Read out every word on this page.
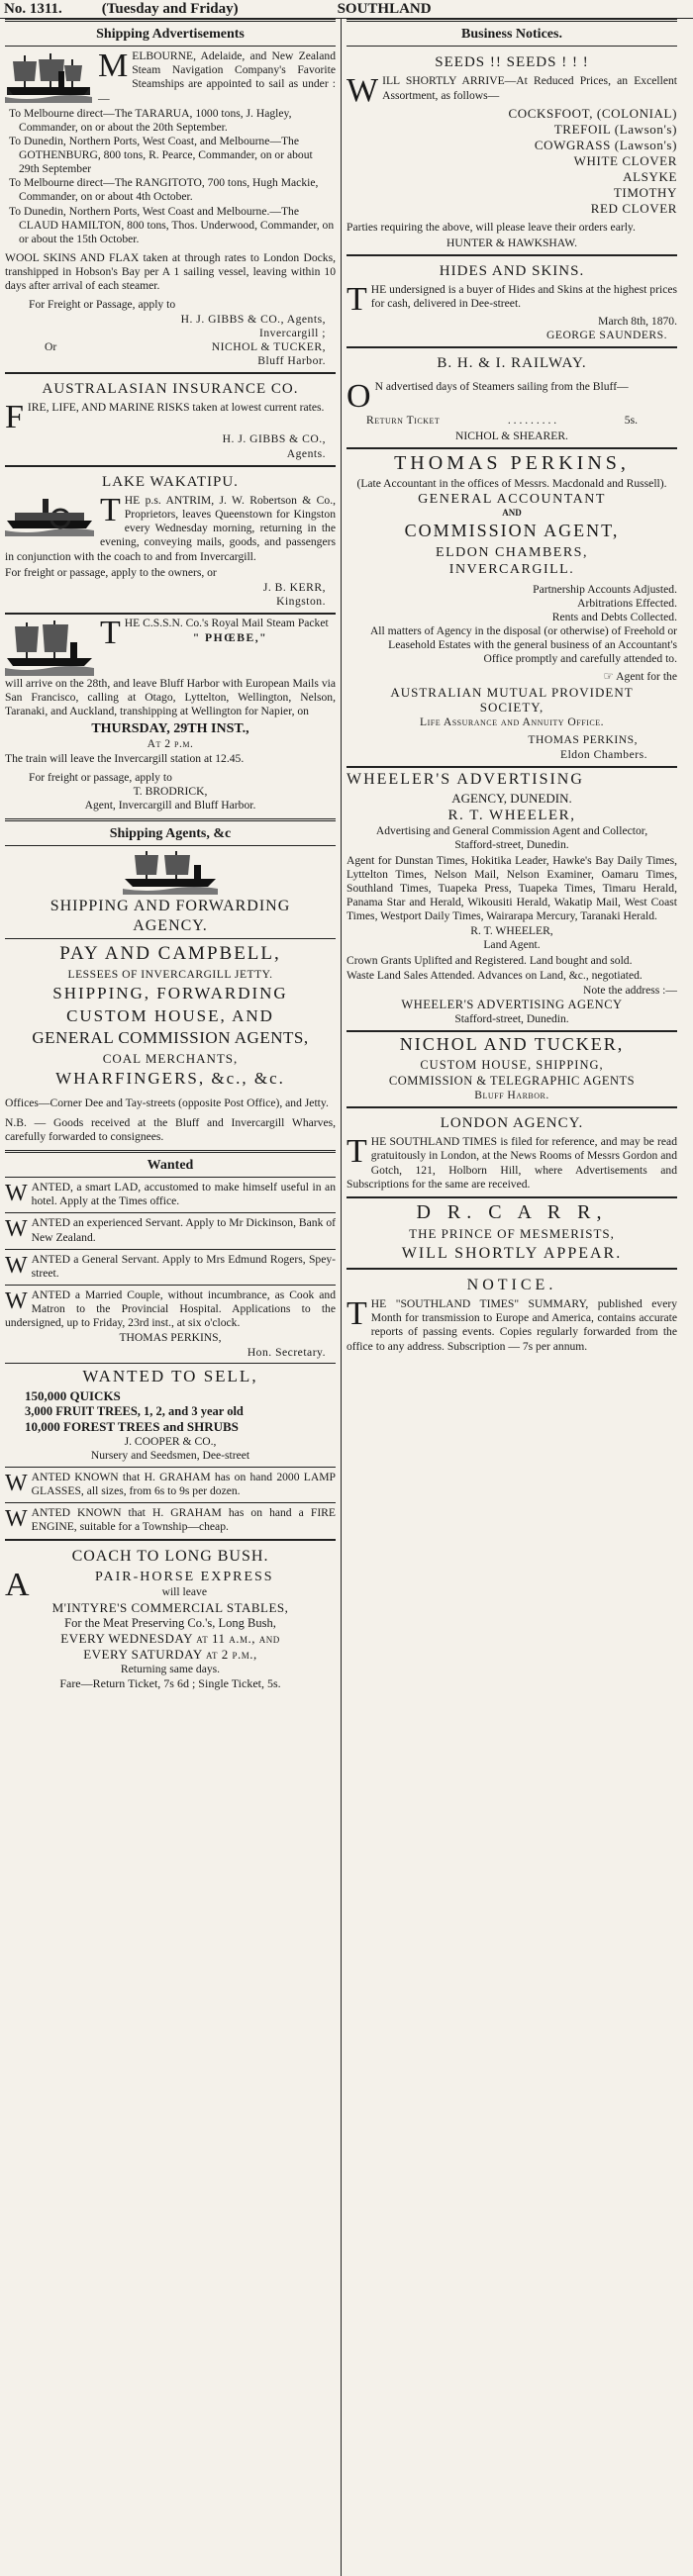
No. 1311.	(Tuesday and Friday)	SOUTHLAND
Shipping Advertisements
MELBOURNE, Adelaide, and New Zealand Steam Navigation Company's Favorite Steamships are appointed to sail as under :—
To Melbourne direct—The TARARUA, 1000 tons, J. Hagley, Commander, on or about the 20th September.
To Dunedin, Northern Ports, West Coast, and Melbourne—The GOTHENBURG, 800 tons, R. Pearce, Commander, on or about 29th September
To Melbourne direct—The RANGITOTO, 700 tons, Hugh Mackie, Commander, on or about 4th October.
To Dunedin, Northern Ports, West Coast and Melbourne.—The CLAUD HAMILTON, 800 tons, Thos. Underwood, Commander, on or about the 15th October.
WOOL SKINS AND FLAX taken at through rates to London Docks, transhipped in Hobson's Bay per A 1 sailing vessel, leaving within 10 days after arrival of each steamer.
For Freight or Passage, apply to
H. J. GIBBS & CO., Agents,
Invercargill ;
Or	NICHOL & TUCKER,
Bluff Harbor.
AUSTRALASIAN INSURANCE CO.
FIRE, LIFE, AND MARINE RISKS taken at lowest current rates.
H. J. GIBBS & CO.,
Agents.
LAKE WAKATIPU.
THE p.s. ANTRIM, J. W. Robertson & Co., Proprietors, leaves Queenstown for Kingston every Wednesday morning, returning in the evening, conveying mails, goods, and passengers in conjunction with the coach to and from Invercargill.
For freight or passage, apply to the owners, or
J. B. KERR,
Kingston.
THE C.S.S.N. Co.'s Royal Mail Steam Packet
" PHŒBE,"
will arrive on the 28th, and leave Bluff Harbor with European Mails via San Francisco, calling at Otago, Lyttelton, Wellington, Nelson, Taranaki, and Auckland, transhipping at Wellington for Napier, on
THURSDAY, 29TH INST.,
At 2 p.m.
The train will leave the Invercargill station at 12.45.
For freight or passage, apply to
T. BRODRICK,
Agent, Invercargill and Bluff Harbor.
Shipping Agents, &c
SHIPPING AND FORWARDING
AGENCY.
PAY AND CAMPBELL,
LESSEES OF INVERCARGILL JETTY.
SHIPPING, FORWARDING
CUSTOM HOUSE, AND
GENERAL COMMISSION AGENTS,
COAL MERCHANTS,
WHARFINGERS, &c., &c.
Offices—Corner Dee and Tay-streets (opposite Post Office), and Jetty.
N.B. — Goods received at the Bluff and Invercargill Wharves, carefully forwarded to consignees.
Wanted
WANTED, a smart LAD, accustomed to make himself useful in an hotel. Apply at the Times office.
WANTED an experienced Servant. Apply to Mr Dickinson, Bank of New Zealand.
WANTED a General Servant. Apply to Mrs Edmund Rogers, Spey-street.
WANTED a Married Couple, without incumbrance, as Cook and Matron to the Provincial Hospital. Applications to the undersigned, up to Friday, 23rd inst., at six o'clock.
THOMAS PERKINS,
Hon. Secretary.
WANTED TO SELL,
150,000 QUICKS
3,000 FRUIT TREES, 1, 2, and 3 year old
10,000 FOREST TREES and SHRUBS
J. COOPER & CO.,
Nursery and Seedsmen, Dee-street
WANTED KNOWN that H. GRAHAM has on hand 2000 LAMP GLASSES, all sizes, from 6s to 9s per dozen.
WANTED KNOWN that H. GRAHAM has on hand a FIRE ENGINE, suitable for a Township—cheap.
COACH TO LONG BUSH.
A	PAIR-HORSE EXPRESS
will leave
M'INTYRE'S COMMERCIAL STABLES,
For the Meat Preserving Co.'s, Long Bush,
EVERY WEDNESDAY at 11 a.m., and
EVERY SATURDAY at 2 p.m.,
Returning same days.
Fare—Return Ticket, 7s 6d ; Single Ticket, 5s.
Business Notices.
SEEDS !! SEEDS ! ! !
WILL SHORTLY ARRIVE—At Reduced Prices, an Excellent Assortment, as follows—
COCKSFOOT, (COLONIAL)
TREFOIL (Lawson's)
COWGRASS (Lawson's)
WHITE CLOVER
ALSYKE
TIMOTHY
RED CLOVER
Parties requiring the above, will please leave their orders early.
HUNTER & HAWKSHAW.
HIDES AND SKINS.
THE undersigned is a buyer of Hides and Skins at the highest prices for cash, delivered in Dee-street.
March 8th, 1870.
GEORGE SAUNDERS.
B. H. & I. RAILWAY.
O N advertised days of Steamers sailing from the Bluff—
Return Ticket	. . . . . . . . .	5s.
NICHOL & SHEARER.
THOMAS PERKINS,
(Late Accountant in the offices of Messrs. Macdonald and Russell).
GENERAL ACCOUNTANT
AND
COMMISSION AGENT,
ELDON CHAMBERS,
INVERCARGILL.
Partnership Accounts Adjusted.
Arbitrations Effected.
Rents and Debts Collected.
All matters of Agency in the disposal (or otherwise) of Freehold or Leasehold Estates with the general business of an Accountant's Office promptly and carefully attended to.
☞ Agent for the
AUSTRALIAN MUTUAL PROVIDENT
SOCIETY,
Life Assurance and Annuity Office.
THOMAS PERKINS,
Eldon Chambers.
WHEELER'S ADVERTISING
AGENCY, DUNEDIN.
R. T. WHEELER,
Advertising and General Commission Agent and Collector,
Stafford-street, Dunedin.
Agent for Dunstan Times, Hokitika Leader, Hawke's Bay Daily Times, Lyttelton Times, Nelson Mail, Nelson Examiner, Oamaru Times, Southland Times, Tuapeka Press, Tuapeka Times, Timaru Herald, Panama Star and Herald, Wikousiti Herald, Wakatip Mail, West Coast Times, Westport Daily Times, Wairarapa Mercury, Taranaki Herald.
R. T. WHEELER,
Land Agent.
Crown Grants Uplifted and Registered. Land bought and sold.
Waste Land Sales Attended. Advances on Land, &c., negotiated.
Note the address :—
WHEELER'S ADVERTISING AGENCY
Stafford-street, Dunedin.
NICHOL AND TUCKER,
CUSTOM HOUSE, SHIPPING,
COMMISSION & TELEGRAPHIC AGENTS
Bluff Harbor.
LONDON AGENCY.
THE SOUTHLAND TIMES is filed for reference, and may be read gratuitously in London, at the News Rooms of Messrs Gordon and Gotch, 121, Holborn Hill, where Advertisements and Subscriptions for the same are received.
D R. C A R R,
THE PRINCE OF MESMERISTS,
WILL SHORTLY APPEAR.
NOTICE.
THE "SOUTHLAND TIMES" SUMMARY, published every Month for transmission to Europe and America, contains accurate reports of passing events. Copies regularly forwarded from the office to any address. Subscription — 7s per annum.
